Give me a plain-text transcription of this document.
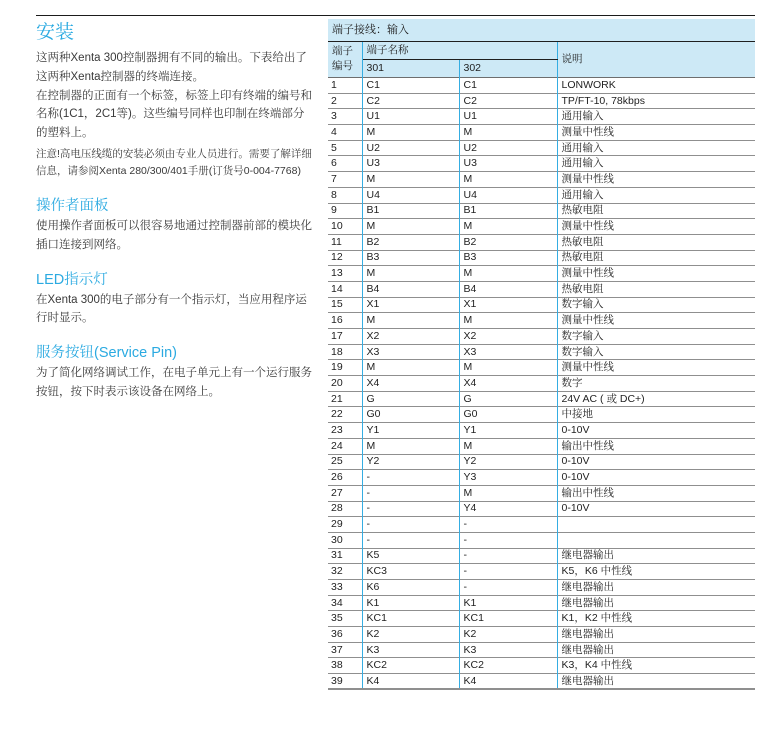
安装

这两种Xenta 300控制器拥有不同的输出。下表给出了这两种Xenta控制器的终端连接。

在控制器的正面有一个标签，标签上印有终端的编号和名称(1C1，2C1等)。这些编号同样也印制在终端部分的塑料上。

注意!高电压线缆的安装必须由专业人员进行。需要了解详细信息，请参阅Xenta 280/300/401手册(订货号0-004-7768)

操作者面板

使用操作者面板可以很容易地通过控制器前部的模块化插口连接到网络。

LED指示灯

在Xenta 300的电子部分有一个指示灯，当应用程序运行时显示。

服务按钮(Service Pin)

为了简化网络调试工作，在电子单元上有一个运行服务按钮，按下时表示该设备在网络上。

端子接线：输入
端子
编号	端子名称		说明
	301	302	
1	C1	C1	LONWORK
2	C2	C2	TP/FT-10, 78kbps
3	U1	U1	通用输入
4	M	M	测量中性线
5	U2	U2	通用输入
6	U3	U3	通用输入
7	M	M	测量中性线
8	U4	U4	通用输入
9	B1	B1	热敏电阻
10	M	M	测量中性线
11	B2	B2	热敏电阻
12	B3	B3	热敏电阻
13	M	M	测量中性线
14	B4	B4	热敏电阻
15	X1	X1	数字输入
16	M	M	测量中性线
17	X2	X2	数字输入
18	X3	X3	数字输入
19	M	M	测量中性线
20	X4	X4	数字
21	G	G	24V AC ( 或 DC+)
22	G0	G0	中接地
23	Y1	Y1	0-10V
24	M	M	输出中性线
25	Y2	Y2	0-10V
26	-	Y3	0-10V
27	-	M	输出中性线
28	-	Y4	0-10V
29	-	-	
30	-	-	
31	K5	-	继电器输出
32	KC3	-	K5，K6 中性线
33	K6	-	继电器输出
34	K1	K1	继电器输出
35	KC1	KC1	K1，K2 中性线
36	K2	K2	继电器输出
37	K3	K3	继电器输出
38	KC2	KC2	K3，K4 中性线
39	K4	K4	继电器输出
